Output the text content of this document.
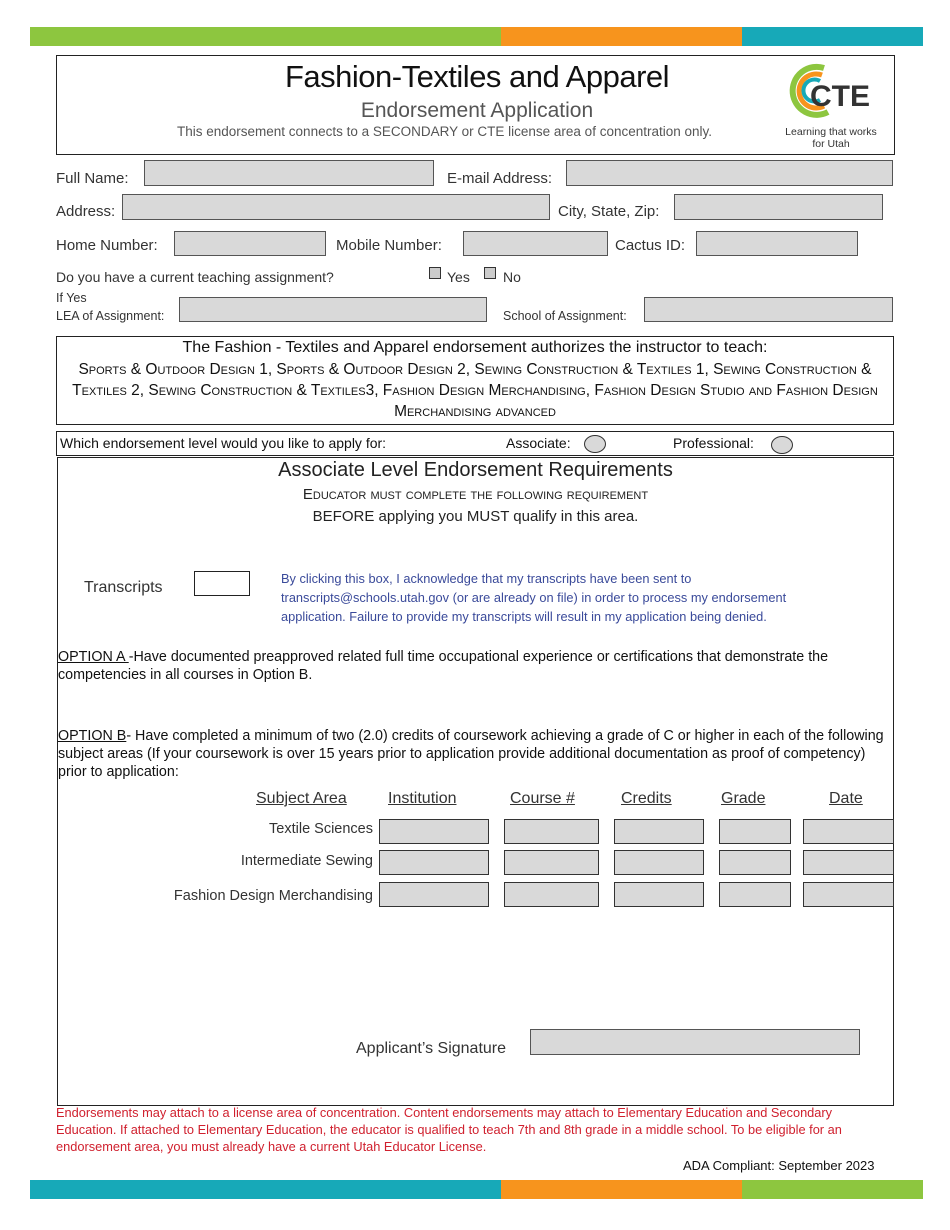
Fashion-Textiles and Apparel
Endorsement Application
This endorsement connects to a SECONDARY or CTE license area of concentration only.
CTE
Learning that works for Utah
Full Name:	E-mail Address:
Address:	City, State, Zip:
Home Number:	Mobile Number:	Cactus ID:
Do you have a current teaching assignment?	Yes No
If Yes
LEA of Assignment:	School of Assignment:
The Fashion - Textiles and Apparel endorsement authorizes the instructor to teach:
Sports & Outdoor Design 1, Sports & Outdoor Design 2, Sewing Construction & Textiles 1, Sewing Construction & Textiles 2, Sewing Construction & Textiles3, Fashion Design Merchandising, Fashion Design Studio and Fashion Design Merchandising advanced
Which endorsement level would you like to apply for:	Associate:	Professional:
Associate Level Endorsement Requirements
Educator must complete the following requirement
BEFORE applying you MUST qualify in this area.
Transcripts
By clicking this box, I acknowledge that my transcripts have been sent to transcripts@schools.utah.gov (or are already on file) in order to process my endorsement application. Failure to provide my transcripts will result in my application being denied.
OPTION A -Have documented preapproved related full time occupational experience or certifications that demonstrate the competencies in all courses in Option B.
OPTION B- Have completed a minimum of two (2.0) credits of coursework achieving a grade of C or higher in each of the following subject areas (If your coursework is over 15 years prior to application provide additional documentation as proof of competency) prior to application:
Subject Area	Institution	Course #	Credits	Grade	Date
Textile Sciences
Intermediate Sewing
Fashion Design Merchandising
Applicant’s Signature
Endorsements may attach to a license area of concentration. Content endorsements may attach to Elementary Education and Secondary Education. If attached to Elementary Education, the educator is qualified to teach 7th and 8th grade in a middle school. To be eligible for an endorsement area, you must already have a current Utah Educator License.
ADA Compliant: September 2023
